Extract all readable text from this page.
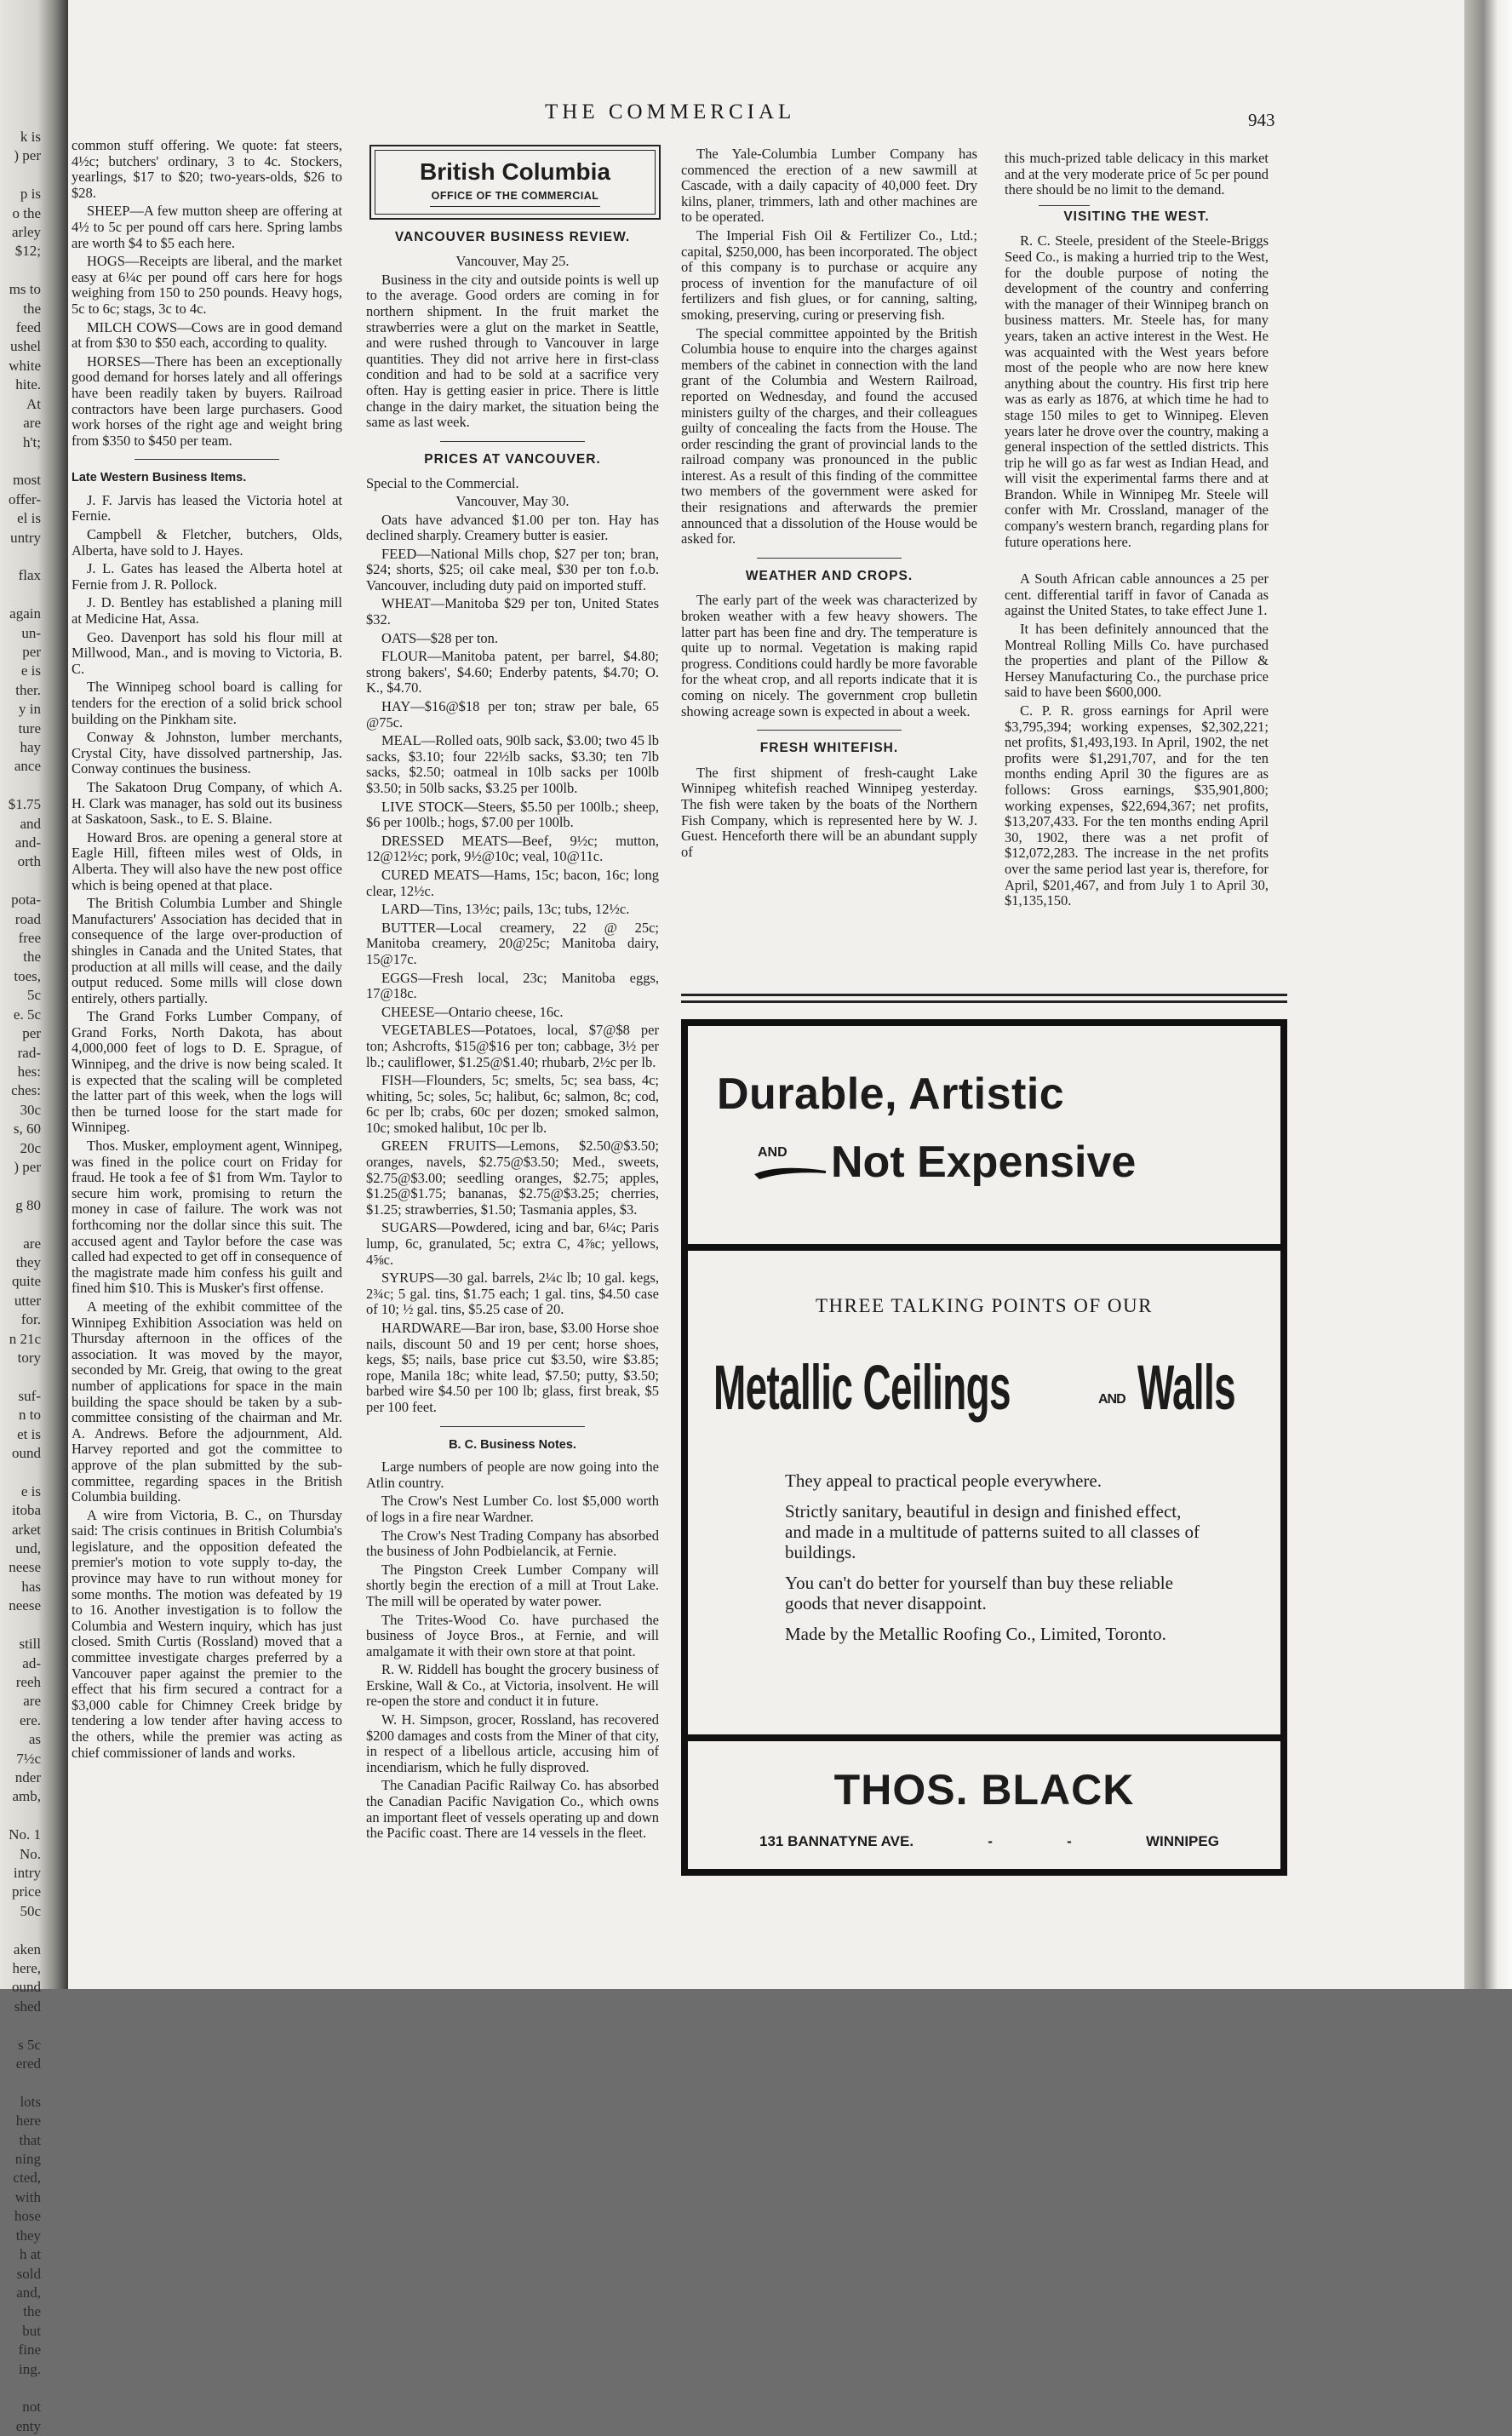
k is
) per

p is
o the
arley
$12;

ms to
the
feed
ushel
white
hite.
At
are
h't;

most
offer-
el is
untry

flax

again
un-
per
e is
ther.
y in
ture
hay
ance

$1.75
and
and-
orth

pota-
road
free
the
toes,
5c
e. 5c
per
rad-
hes:
ches:
30c
s, 60
20c
) per

g 80

are
they
quite
utter
for.
n 21c
tory

suf-
n to
et is
ound

e is
itoba
arket
und,
neese
has
neese

still
ad-
reeh
are
ere.
as
7½c
nder
amb,

No. 1
No.
intry
price
50c

aken
here,
ound
shed

s 5c
ered

lots
here
that
ning
cted,
with
hose
they
h at
sold
and,
the
but
fine
ing.

not
enty
THE COMMERCIAL	943

common stuff offering. We quote: fat steers, 4½c; butchers' ordinary, 3 to 4c. Stockers, yearlings, $17 to $20; two-years-olds, $26 to $28.

SHEEP—A few mutton sheep are offering at 4½ to 5c per pound off cars here. Spring lambs are worth $4 to $5 each here.

HOGS—Receipts are liberal, and the market easy at 6¼c per pound off cars here for hogs weighing from 150 to 250 pounds. Heavy hogs, 5c to 6c; stags, 3c to 4c.

MILCH COWS—Cows are in good demand at from $30 to $50 each, according to quality.

HORSES—There has been an exceptionally good demand for horses lately and all offerings have been readily taken by buyers. Railroad contractors have been large purchasers. Good work horses of the right age and weight bring from $350 to $450 per team.

Late Western Business Items.

J. F. Jarvis has leased the Victoria hotel at Fernie.

Campbell & Fletcher, butchers, Olds, Alberta, have sold to J. Hayes.

J. L. Gates has leased the Alberta hotel at Fernie from J. R. Pollock.

J. D. Bentley has established a planing mill at Medicine Hat, Assa.

Geo. Davenport has sold his flour mill at Millwood, Man., and is moving to Victoria, B. C.

The Winnipeg school board is calling for tenders for the erection of a solid brick school building on the Pinkham site.

Conway & Johnston, lumber merchants, Crystal City, have dissolved partnership, Jas. Conway continues the business.

The Sakatoon Drug Company, of which A. H. Clark was manager, has sold out its business at Saskatoon, Sask., to E. S. Blaine.

Howard Bros. are opening a general store at Eagle Hill, fifteen miles west of Olds, in Alberta. They will also have the new post office which is being opened at that place.

The British Columbia Lumber and Shingle Manufacturers' Association has decided that in consequence of the large over-production of shingles in Canada and the United States, that production at all mills will cease, and the daily output reduced. Some mills will close down entirely, others partially.

The Grand Forks Lumber Company, of Grand Forks, North Dakota, has about 4,000,000 feet of logs to D. E. Sprague, of Winnipeg, and the drive is now being scaled. It is expected that the scaling will be completed the latter part of this week, when the logs will then be turned loose for the start made for Winnipeg.

Thos. Musker, employment agent, Winnipeg, was fined in the police court on Friday for fraud. He took a fee of $1 from Wm. Taylor to secure him work, promising to return the money in case of failure. The work was not forthcoming nor the dollar since this suit. The accused agent and Taylor before the case was called had expected to get off in consequence of the magistrate made him confess his guilt and fined him $10. This is Musker's first offense.

A meeting of the exhibit committee of the Winnipeg Exhibition Association was held on Thursday afternoon in the offices of the association. It was moved by the mayor, seconded by Mr. Greig, that owing to the great number of applications for space in the main building the space should be taken by a sub-committee consisting of the chairman and Mr. A. Andrews. Before the adjournment, Ald. Harvey reported and got the committee to approve of the plan submitted by the sub-committee, regarding spaces in the British Columbia building.

A wire from Victoria, B. C., on Thursday said: The crisis continues in British Columbia's legislature, and the opposition defeated the premier's motion to vote supply to-day, the province may have to run without money for some months. The motion was defeated by 19 to 16. Another investigation is to follow the Columbia and Western inquiry, which has just closed. Smith Curtis (Rossland) moved that a committee investigate charges preferred by a Vancouver paper against the premier to the effect that his firm secured a contract for a $3,000 cable for Chimney Creek bridge by tendering a low tender after having access to the others, while the premier was acting as chief commissioner of lands and works.

British Columbia
OFFICE OF THE COMMERCIAL
VANCOUVER BUSINESS REVIEW.
Vancouver, May 25.

Business in the city and outside points is well up to the average. Good orders are coming in for northern shipment. In the fruit market the strawberries were a glut on the market in Seattle, and were rushed through to Vancouver in large quantities. They did not arrive here in first-class condition and had to be sold at a sacrifice very often. Hay is getting easier in price. There is little change in the dairy market, the situation being the same as last week.

PRICES AT VANCOUVER.
Special to the Commercial.
Vancouver, May 30.

Oats have advanced $1.00 per ton. Hay has declined sharply. Creamery butter is easier.

FEED—National Mills chop, $27 per ton; bran, $24; shorts, $25; oil cake meal, $30 per ton f.o.b. Vancouver, including duty paid on imported stuff.

WHEAT—Manitoba $29 per ton, United States $32.

OATS—$28 per ton.

FLOUR—Manitoba patent, per barrel, $4.80; strong bakers', $4.60; Enderby patents, $4.70; O. K., $4.70.

HAY—$16@$18 per ton; straw per bale, 65 @75c.

MEAL—Rolled oats, 90lb sack, $3.00; two 45 lb sacks, $3.10; four 22½lb sacks, $3.30; ten 7lb sacks, $2.50; oatmeal in 10lb sacks per 100lb $3.50; in 50lb sacks, $3.25 per 100lb.

LIVE STOCK—Steers, $5.50 per 100lb.; sheep, $6 per 100lb.; hogs, $7.00 per 100lb.

DRESSED MEATS—Beef, 9½c; mutton, 12@12½c; pork, 9½@10c; veal, 10@11c.

CURED MEATS—Hams, 15c; bacon, 16c; long clear, 12½c.

LARD—Tins, 13½c; pails, 13c; tubs, 12½c.

BUTTER—Local creamery, 22 @ 25c; Manitoba creamery, 20@25c; Manitoba dairy, 15@17c.

EGGS—Fresh local, 23c; Manitoba eggs, 17@18c.

CHEESE—Ontario cheese, 16c.

VEGETABLES—Potatoes, local, $7@$8 per ton; Ashcrofts, $15@$16 per ton; cabbage, 3½ per lb.; cauliflower, $1.25@$1.40; rhubarb, 2½c per lb.

FISH—Flounders, 5c; smelts, 5c; sea bass, 4c; whiting, 5c; soles, 5c; halibut, 6c; salmon, 8c; cod, 6c per lb; crabs, 60c per dozen; smoked salmon, 10c; smoked halibut, 10c per lb.

GREEN FRUITS—Lemons, $2.50@$3.50; oranges, navels, $2.75@$3.50; Med., sweets, $2.75@$3.00; seedling oranges, $2.75; apples, $1.25@$1.75; bananas, $2.75@$3.25; cherries, $1.25; strawberries, $1.50; Tasmania apples, $3.

SUGARS—Powdered, icing and bar, 6¼c; Paris lump, 6c, granulated, 5c; extra C, 4⅞c; yellows, 4⅝c.

SYRUPS—30 gal. barrels, 2¼c lb; 10 gal. kegs, 2¾c; 5 gal. tins, $1.75 each; 1 gal. tins, $4.50 case of 10; ½ gal. tins, $5.25 case of 20.

HARDWARE—Bar iron, base, $3.00 Horse shoe nails, discount 50 and 19 per cent; horse shoes, kegs, $5; nails, base price cut $3.50, wire $3.85; rope, Manila 18c; white lead, $7.50; putty, $3.50; barbed wire $4.50 per 100 lb; glass, first break, $5 per 100 feet.

B. C. Business Notes.

Large numbers of people are now going into the Atlin country.

The Crow's Nest Lumber Co. lost $5,000 worth of logs in a fire near Wardner.

The Crow's Nest Trading Company has absorbed the business of John Podbielancik, at Fernie.

The Pingston Creek Lumber Company will shortly begin the erection of a mill at Trout Lake. The mill will be operated by water power.

The Trites-Wood Co. have purchased the business of Joyce Bros., at Fernie, and will amalgamate it with their own store at that point.

R. W. Riddell has bought the grocery business of Erskine, Wall & Co., at Victoria, insolvent. He will re-open the store and conduct it in future.

W. H. Simpson, grocer, Rossland, has recovered $200 damages and costs from the Miner of that city, in respect of a libellous article, accusing him of incendiarism, which he fully disproved.

The Canadian Pacific Railway Co. has absorbed the Canadian Pacific Navigation Co., which owns an important fleet of vessels operating up and down the Pacific coast. There are 14 vessels in the fleet.

The Yale-Columbia Lumber Company has commenced the erection of a new sawmill at Cascade, with a daily capacity of 40,000 feet. Dry kilns, planer, trimmers, lath and other machines are to be operated.

The Imperial Fish Oil & Fertilizer Co., Ltd.; capital, $250,000, has been incorporated. The object of this company is to purchase or acquire any process of invention for the manufacture of oil fertilizers and fish glues, or for canning, salting, smoking, preserving, curing or preserving fish.

The special committee appointed by the British Columbia house to enquire into the charges against members of the cabinet in connection with the land grant of the Columbia and Western Railroad, reported on Wednesday, and found the accused ministers guilty of the charges, and their colleagues guilty of concealing the facts from the House. The order rescinding the grant of provincial lands to the railroad company was pronounced in the public interest. As a result of this finding of the committee two members of the government were asked for their resignations and afterwards the premier announced that a dissolution of the House would be asked for.

WEATHER AND CROPS.

The early part of the week was characterized by broken weather with a few heavy showers. The latter part has been fine and dry. The temperature is quite up to normal. Vegetation is making rapid progress. Conditions could hardly be more favorable for the wheat crop, and all reports indicate that it is coming on nicely. The government crop bulletin showing acreage sown is expected in about a week.

FRESH WHITEFISH.

The first shipment of fresh-caught Lake Winnipeg whitefish reached Winnipeg yesterday. The fish were taken by the boats of the Northern Fish Company, which is represented here by W. J. Guest. Henceforth there will be an abundant supply of

this much-prized table delicacy in this market and at the very moderate price of 5c per pound there should be no limit to the demand.

VISITING THE WEST.

R. C. Steele, president of the Steele-Briggs Seed Co., is making a hurried trip to the West, for the double purpose of noting the development of the country and conferring with the manager of their Winnipeg branch on business matters. Mr. Steele has, for many years, taken an active interest in the West. He was acquainted with the West years before most of the people who are now here knew anything about the country. His first trip here was as early as 1876, at which time he had to stage 150 miles to get to Winnipeg. Eleven years later he drove over the country, making a general inspection of the settled districts. This trip he will go as far west as Indian Head, and will visit the experimental farms there and at Brandon. While in Winnipeg Mr. Steele will confer with Mr. Crossland, manager of the company's western branch, regarding plans for future operations here.

A South African cable announces a 25 per cent. differential tariff in favor of Canada as against the United States, to take effect June 1.

It has been definitely announced that the Montreal Rolling Mills Co. have purchased the properties and plant of the Pillow & Hersey Manufacturing Co., the purchase price said to have been $600,000.

C. P. R. gross earnings for April were $3,795,394; working expenses, $2,302,221; net profits, $1,493,193. In April, 1902, the net profits were $1,291,707, and for the ten months ending April 30 the figures are as follows: Gross earnings, $35,901,800; working expenses, $22,694,367; net profits, $13,207,433. For the ten months ending April 30, 1902, there was a net profit of $12,072,283. The increase in the net profits over the same period last year is, therefore, for April, $201,467, and from July 1 to April 30, $1,135,150.

Durable, Artistic
AND Not Expensive
THREE TALKING POINTS OF OUR
Metallic Ceilings	AND Walls

They appeal to practical people everywhere.

Strictly sanitary, beautiful in design and finished effect, and made in a multitude of patterns suited to all classes of buildings.

You can't do better for yourself than buy these reliable goods that never disappoint.

Made by the Metallic Roofing Co., Limited, Toronto.

THOS. BLACK
131 BANNATYNE AVE.	-	-	WINNIPEG
